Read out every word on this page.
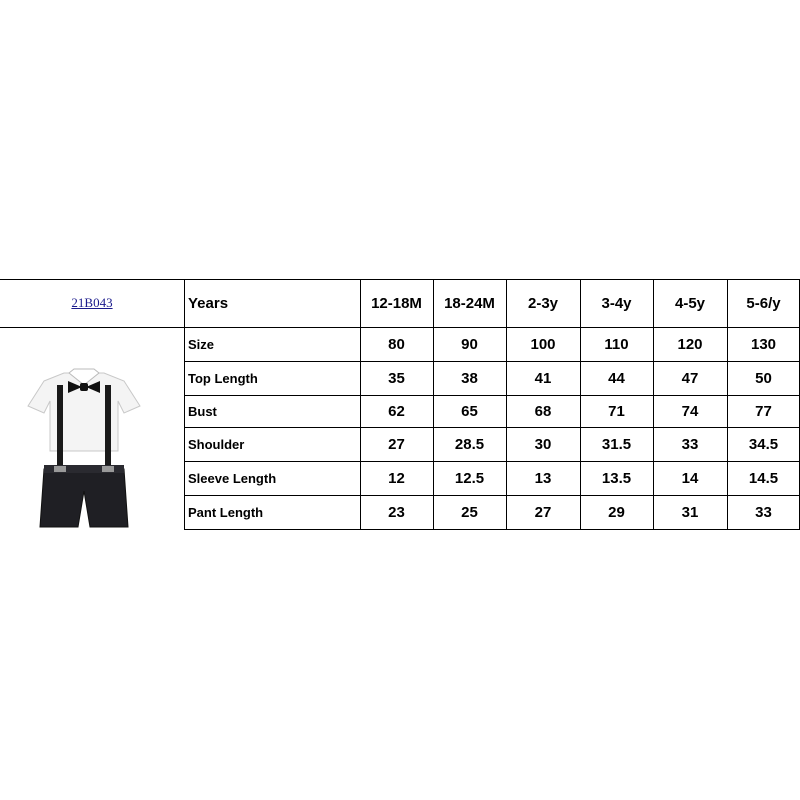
21B043	Years	12-18M	18-24M	2-3y	3-4y	4-5y	5-6/y
Size	80	90	100	110	120	130
Top Length	35	38	41	44	47	50
Bust	62	65	68	71	74	77
Shoulder	27	28.5	30	31.5	33	34.5
Sleeve Length	12	12.5	13	13.5	14	14.5
Pant Length	23	25	27	29	31	33
